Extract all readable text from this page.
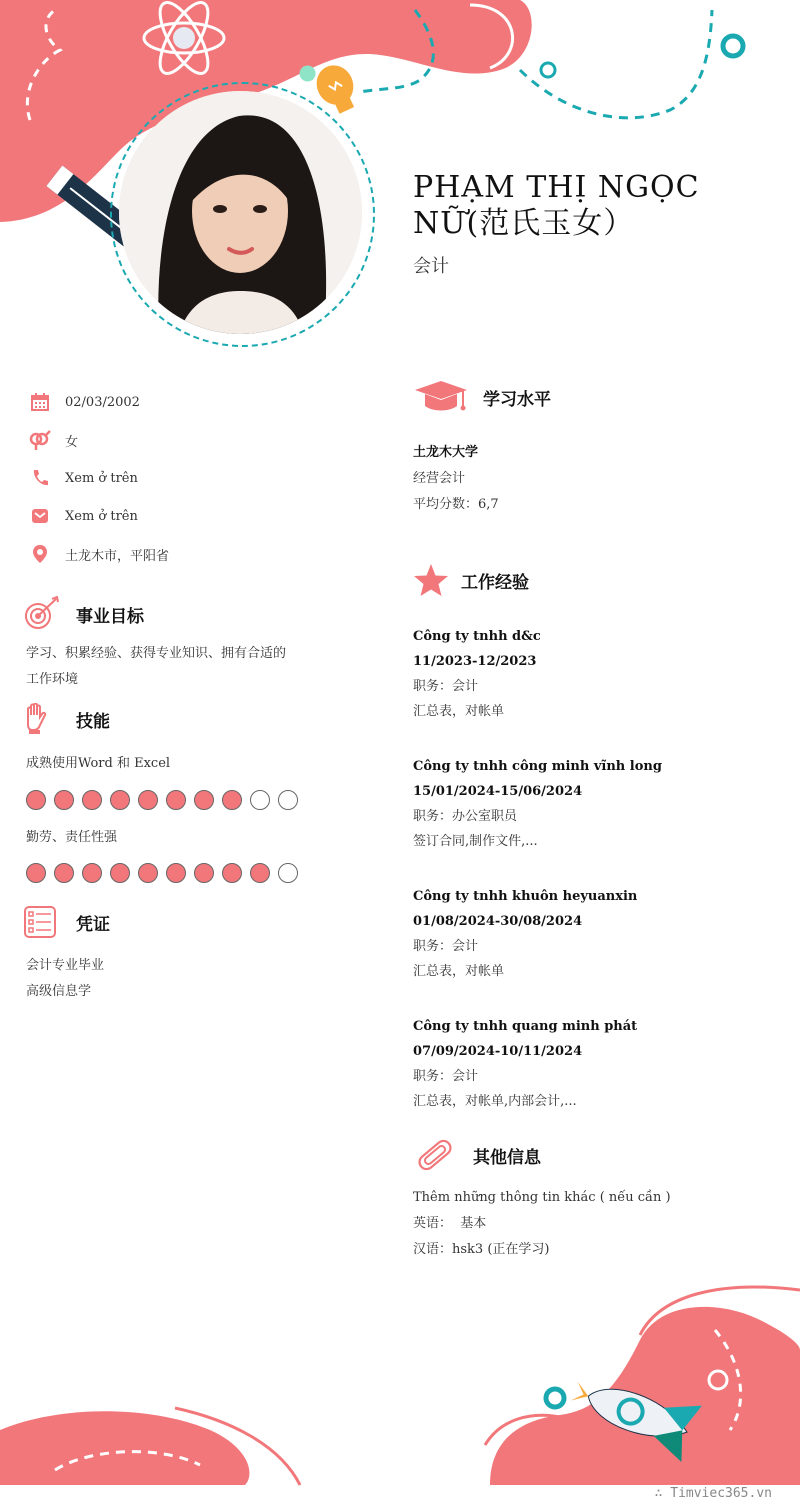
PHẠM THỊ NGỌC NỮ(范氏玉女）
会计
02/03/2002
女
Xem ở trên
Xem ở trên
土龙木市，平阳省
事业目标
学习、积累经验、获得专业知识、拥有合适的
工作环境
技能
成熟使用Word 和 Excel
勤劳、责任性强
凭证
会计专业毕业
高级信息学
学习水平
土龙木大学
经营会计
平均分数：6,7
工作经验
Công ty tnhh d&c
11/2023-12/2023
职务：会计
汇总表，对帐单
Công ty tnhh công minh vĩnh long
15/01/2024-15/06/2024
职务：办公室职员
签订合同,制作文件,...
Công ty tnhh khuôn heyuanxin
01/08/2024-30/08/2024
职务：会计
汇总表，对帐单
Công ty tnhh quang minh phát
07/09/2024-10/11/2024
职务：会计
汇总表，对帐单,内部会计,...
其他信息
Thêm những thông tin khác ( nếu cần )
英语：  基本
汉语：hsk3 (正在学习)
∴ Timviec365.vn
